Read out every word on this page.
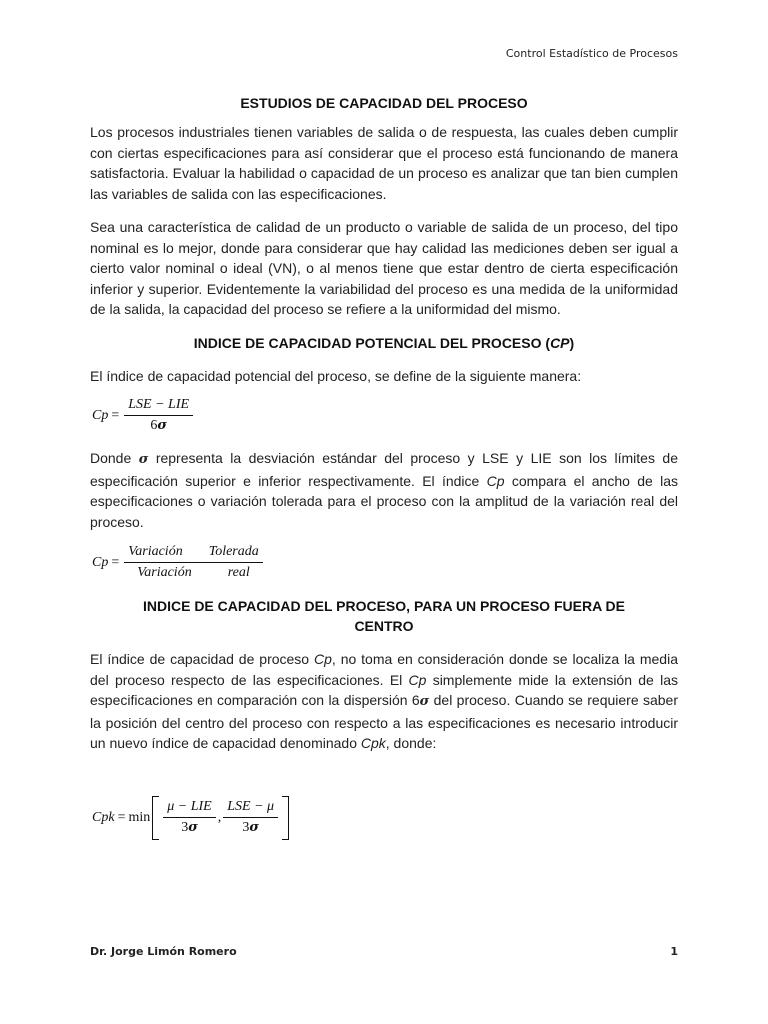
Control Estadístico de Procesos
ESTUDIOS DE CAPACIDAD DEL PROCESO

Los procesos industriales tienen variables de salida o de respuesta, las cuales deben cumplir con ciertas especificaciones para así considerar que el proceso está funcionando de manera satisfactoria. Evaluar la habilidad o capacidad de un proceso es analizar que tan bien cumplen las variables de salida con las especificaciones.

Sea una característica de calidad de un producto o variable de salida de un proceso, del tipo nominal es lo mejor, donde para considerar que hay calidad las mediciones deben ser igual a cierto valor nominal o ideal (VN), o al menos tiene que estar dentro de cierta especificación inferior y superior. Evidentemente la variabilidad del proceso es una medida de la uniformidad de la salida, la capacidad del proceso se refiere a la uniformidad del mismo.

INDICE DE CAPACIDAD POTENCIAL DEL PROCESO (CP)

El índice de capacidad potencial del proceso, se define de la siguiente manera:

$Cp = \frac{\text{LSE − LIE}}{6\sigma}$

Donde σ representa la desviación estándar del proceso y LSE y LIE son los límites de especificación superior e inferior respectivamente. El índice Cp compara el ancho de las especificaciones o variación tolerada para el proceso con la amplitud de la variación real del proceso.

Cp = Variación Tolerada
Variación	real
INDICE DE CAPACIDAD DEL PROCESO, PARA UN PROCESO FUERA DE
CENTRO

El índice de capacidad de proceso Cp, no toma en consideración donde se localiza la media del proceso respecto de las especificaciones. El Cp simplemente mide la extensión de las especificaciones en comparación con la dispersión 6σ del proceso. Cuando se requiere saber la posición del centro del proceso con respecto a las especificaciones es necesario introducir un nuevo índice de capacidad denominado Cpk, donde:

Cpk = $\min \frac{\text{μ − LIE}}{3\sigma}$ , $\frac{\text{LSE − μ}}{3\sigma}$
Dr. Jorge Limón Romero	1
